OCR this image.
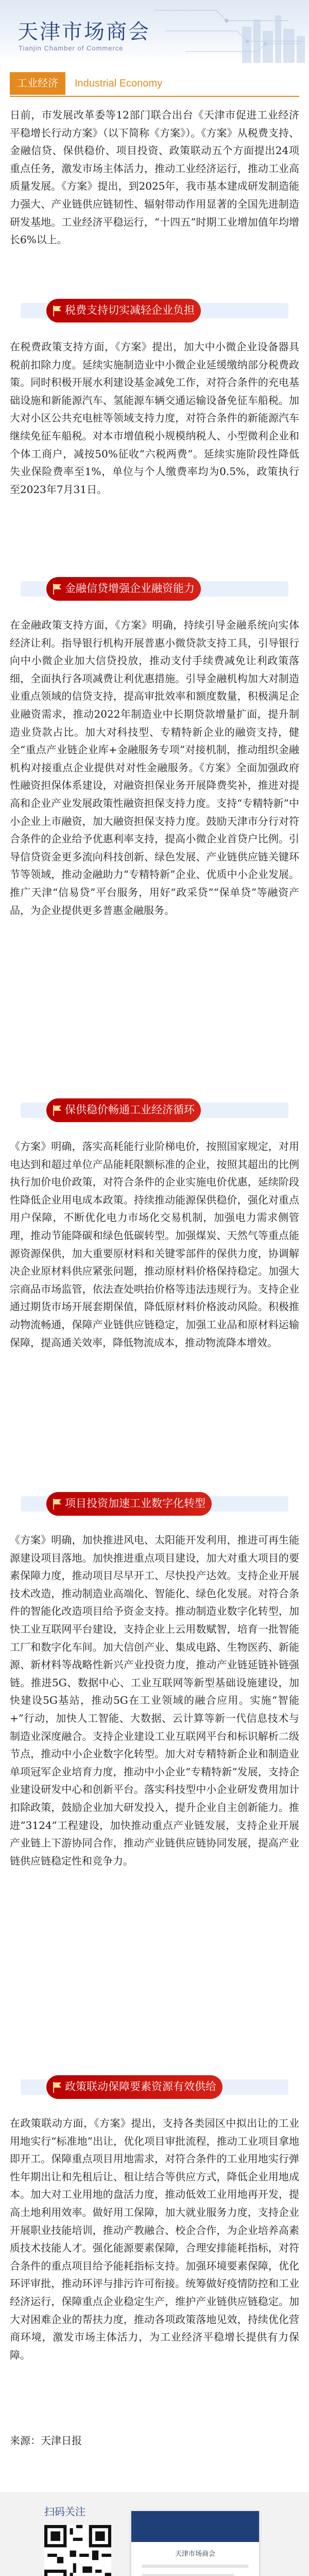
天津市场商会
Tianjin Chamber of Commerce
工业经济	Industrial Economy

日前，市发展改革委等12部门联合出台《天津市促进工业经济平稳增长行动方案》（以下简称《方案》）。《方案》从税费支持、金融信贷、保供稳价、项目投资、政策联动五个方面提出24项重点任务，激发市场主体活力，推动工业经济运行，推动工业高质量发展。《方案》提出，到2025年，我市基本建成研发制造能力强大、产业链供应链韧性、辐射带动作用显著的全国先进制造研发基地。工业经济平稳运行，“十四五”时期工业增加值年均增长6%以上。

税费支持切实减轻企业负担

在税费政策支持方面，《方案》提出，加大中小微企业设备器具税前扣除力度。延续实施制造业中小微企业延缓缴纳部分税费政策。同时积极开展水利建设基金减免工作，对符合条件的充电基础设施和新能源汽车、氢能源车辆交通运输设备免征车船税。加大对小区公共充电桩等领域支持力度，对符合条件的新能源汽车继续免征车船税。对本市增值税小规模纳税人、小型微利企业和个体工商户，减按50%征收“六税两费”。延续实施阶段性降低失业保险费率至1%，单位与个人缴费率均为0.5%，政策执行至2023年7月31日。

金融信贷增强企业融资能力

在金融政策支持方面，《方案》明确，持续引导金融系统向实体经济让利。指导银行机构开展普惠小微贷款支持工具，引导银行向中小微企业加大信贷投放，推动支付手续费减免让利政策落细，全面执行各项减费让利优惠措施。引导金融机构加大对制造业重点领域的信贷支持，提高审批效率和额度数量，积极满足企业融资需求，推动2022年制造业中长期贷款增量扩面，提升制造业贷款占比。加大对科技型、专精特新企业的融资支持，健全“重点产业链企业库+金融服务专项”对接机制，推动组织金融机构对接重点企业提供对对性金融服务。《方案》全面加强政府性融资担保体系建设，对融资担保业务开展降费奖补，推进对提高和企业产业发展政策性融资担保支持力度。支持“专精特新”中小企业上市融资，加大融资担保支持力度。鼓励天津市分行对符合条件的企业给予优惠利率支持，提高小微企业首贷户比例。引导信贷资金更多流向科技创新、绿色发展、产业链供应链关键环节等领域，推动金融助力“专精特新”企业、优质中小企业发展。推广天津“信易贷”平台服务，用好“政采贷”“保单贷”等融资产品，为企业提供更多普惠金融服务。

保供稳价畅通工业经济循环

《方案》明确，落实高耗能行业阶梯电价，按照国家规定，对用电达到和超过单位产品能耗限额标准的企业，按照其超出的比例执行加价电价政策，对符合条件的企业实施电价优惠，延续阶段性降低企业用电成本政策。持续推动能源保供稳价，强化对重点用户保障，不断优化电力市场化交易机制，加强电力需求侧管理，推动节能降碳和绿色低碳转型。加强煤炭、天然气等重点能源资源保供，加大重要原材料和关键零部件的保供力度，协调解决企业原材料供应紧张问题，推动原材料价格保持稳定。加强大宗商品市场监管，依法查处哄抬价格等违法违规行为。支持企业通过期货市场开展套期保值，降低原材料价格波动风险。积极推动物流畅通，保障产业链供应链稳定，加强工业品和原材料运输保障，提高通关效率，降低物流成本，推动物流降本增效。

项目投资加速工业数字化转型

《方案》明确，加快推进风电、太阳能开发利用，推进可再生能源建设项目落地。加快推进重点项目建设，加大对重大项目的要素保障力度，推动项目尽早开工、尽快投产达效。支持企业开展技术改造，推动制造业高端化、智能化、绿色化发展。对符合条件的智能化改造项目给予资金支持。推动制造业数字化转型，加快工业互联网平台建设，支持企业上云用数赋智，培育一批智能工厂和数字化车间。加大信创产业、集成电路、生物医药、新能源、新材料等战略性新兴产业投资力度，推动产业链延链补链强链。推进5G、数据中心、工业互联网等新型基础设施建设，加快建设5G基站，推动5G在工业领域的融合应用。实施“智能+”行动，加快人工智能、大数据、云计算等新一代信息技术与制造业深度融合。支持企业建设工业互联网平台和标识解析二级节点，推动中小企业数字化转型。加大对专精特新企业和制造业单项冠军企业培育力度，推动中小企业“专精特新”发展，支持企业建设研发中心和创新平台。落实科技型中小企业研发费用加计扣除政策，鼓励企业加大研发投入，提升企业自主创新能力。推进“3124”工程建设，加快推动重点产业链发展，支持企业开展产业链上下游协同合作，推动产业链供应链协同发展，提高产业链供应链稳定性和竞争力。

政策联动保障要素资源有效供给

在政策联动方面，《方案》提出，支持各类园区中拟出让的工业用地实行“标准地”出让，优化项目审批流程，推动工业项目拿地即开工。保障重点项目用地需求，对符合条件的工业用地实行弹性年期出让和先租后让、租让结合等供应方式，降低企业用地成本。加大对工业用地的盘活力度，推动低效工业用地再开发，提高土地利用效率。做好用工保障，加大就业服务力度，支持企业开展职业技能培训，推动产教融合、校企合作，为企业培养高素质技术技能人才。强化能源要素保障，合理安排能耗指标，对符合条件的重点项目给予能耗指标支持。加强环境要素保障，优化环评审批，推动环评与排污许可衔接。统筹做好疫情防控和工业经济运行，保障重点企业稳定生产，维护产业链供应链稳定。加大对困难企业的帮扶力度，推动各项政策落地见效，持续优化营商环境，激发市场主体活力，为工业经济平稳增长提供有力保障。

来源：天津日报
扫码关注
天津市场商会
